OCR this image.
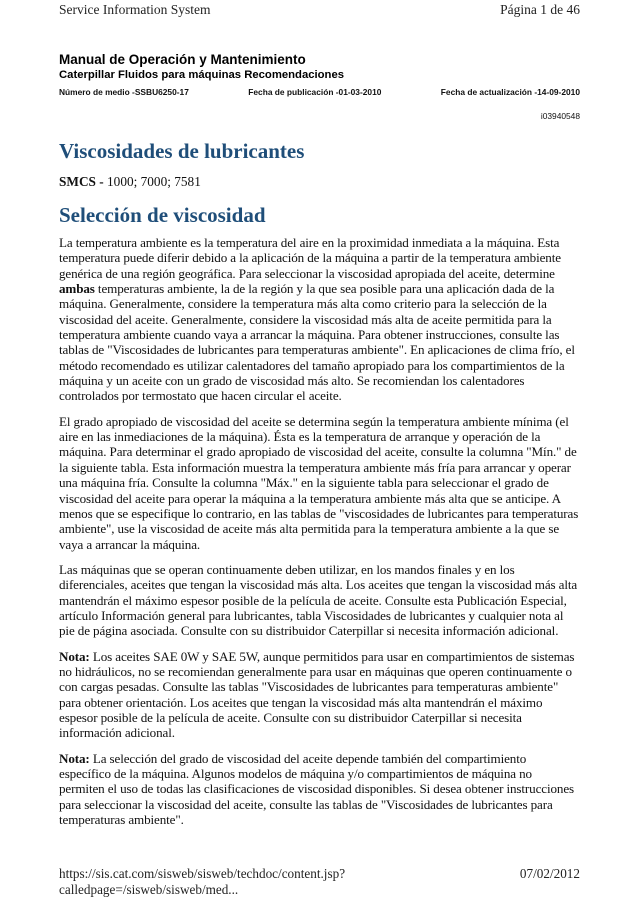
Service Information System	Página 1 de 46

Manual de Operación y Mantenimiento

Caterpillar Fluidos para máquinas Recomendaciones

Número de medio -SSBU6250-17	Fecha de publicación -01-03-2010	Fecha de actualización -14-09-2010
i03940548
Viscosidades de lubricantes
SMCS - 1000; 7000; 7581
Selección de viscosidad

La temperatura ambiente es la temperatura del aire en la proximidad inmediata a la máquina. Esta temperatura puede diferir debido a la aplicación de la máquina a partir de la temperatura ambiente genérica de una región geográfica. Para seleccionar la viscosidad apropiada del aceite, determine ambas temperaturas ambiente, la de la región y la que sea posible para una aplicación dada de la máquina. Generalmente, considere la temperatura más alta como criterio para la selección de la viscosidad del aceite. Generalmente, considere la viscosidad más alta de aceite permitida para la temperatura ambiente cuando vaya a arrancar la máquina. Para obtener instrucciones, consulte las tablas de "Viscosidades de lubricantes para temperaturas ambiente". En aplicaciones de clima frío, el método recomendado es utilizar calentadores del tamaño apropiado para los compartimientos de la máquina y un aceite con un grado de viscosidad más alto. Se recomiendan los calentadores controlados por termostato que hacen circular el aceite.

El grado apropiado de viscosidad del aceite se determina según la temperatura ambiente mínima (el aire en las inmediaciones de la máquina). Ésta es la temperatura de arranque y operación de la máquina. Para determinar el grado apropiado de viscosidad del aceite, consulte la columna "Mín." de la siguiente tabla. Esta información muestra la temperatura ambiente más fría para arrancar y operar una máquina fría. Consulte la columna "Máx." en la siguiente tabla para seleccionar el grado de viscosidad del aceite para operar la máquina a la temperatura ambiente más alta que se anticipe. A menos que se especifique lo contrario, en las tablas de "viscosidades de lubricantes para temperaturas ambiente", use la viscosidad de aceite más alta permitida para la temperatura ambiente a la que se vaya a arrancar la máquina.

Las máquinas que se operan continuamente deben utilizar, en los mandos finales y en los diferenciales, aceites que tengan la viscosidad más alta. Los aceites que tengan la viscosidad más alta mantendrán el máximo espesor posible de la película de aceite. Consulte esta Publicación Especial, artículo Información general para lubricantes, tabla Viscosidades de lubricantes y cualquier nota al pie de página asociada. Consulte con su distribuidor Caterpillar si necesita información adicional.

Nota: Los aceites SAE 0W y SAE 5W, aunque permitidos para usar en compartimientos de sistemas no hidráulicos, no se recomiendan generalmente para usar en máquinas que operen continuamente o con cargas pesadas. Consulte las tablas "Viscosidades de lubricantes para temperaturas ambiente" para obtener orientación. Los aceites que tengan la viscosidad más alta mantendrán el máximo espesor posible de la película de aceite. Consulte con su distribuidor Caterpillar si necesita información adicional.

Nota: La selección del grado de viscosidad del aceite depende también del compartimiento específico de la máquina. Algunos modelos de máquina y/o compartimientos de máquina no permiten el uso de todas las clasificaciones de viscosidad disponibles. Si desea obtener instrucciones para seleccionar la viscosidad del aceite, consulte las tablas de "Viscosidades de lubricantes para temperaturas ambiente".

https://sis.cat.com/sisweb/sisweb/techdoc/content.jsp?calledpage=/sisweb/sisweb/med...
07/02/2012
